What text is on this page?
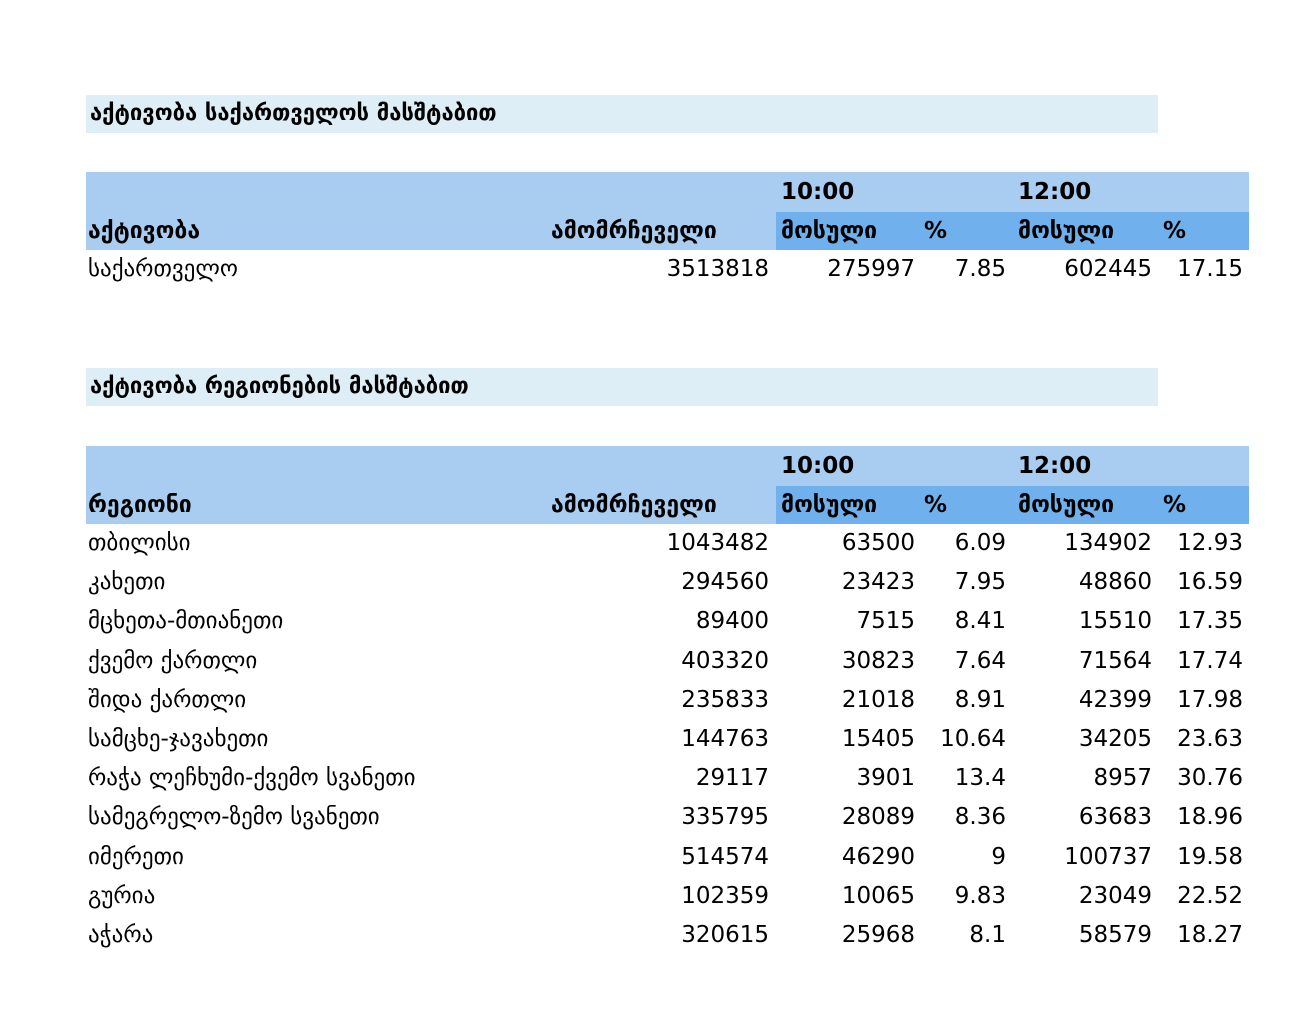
აქტივობა საქართველოს მასშტაბით
10:00	12:00
აქტივობა	ამომრჩეველი	მოსული %	მოსული %
საქართველო	3513818	275997 7.85	602445 17.15
აქტივობა რეგიონების მასშტაბით
10:00	12:00
რეგიონი	ამომრჩეველი	მოსული %	მოსული %
თბილისი	1043482	63500 6.09	134902 12.93
კახეთი	294560	23423 7.95	48860 16.59
მცხეთა-მთიანეთი	89400	7515 8.41	15510 17.35
ქვემო ქართლი	403320	30823 7.64	71564 17.74
შიდა ქართლი	235833	21018 8.91	42399 17.98
სამცხე-ჯავახეთი	144763	15405 10.64	34205 23.63
რაჭა ლეჩხუმი-ქვემო სვანეთი	29117	3901 13.4	8957 30.76
სამეგრელო-ზემო სვანეთი	335795	28089 8.36	63683 18.96
იმერეთი	514574	46290	9	100737 19.58
გურია	102359	10065 9.83	23049 22.52
აჭარა	320615	25968 8.1	58579 18.27
